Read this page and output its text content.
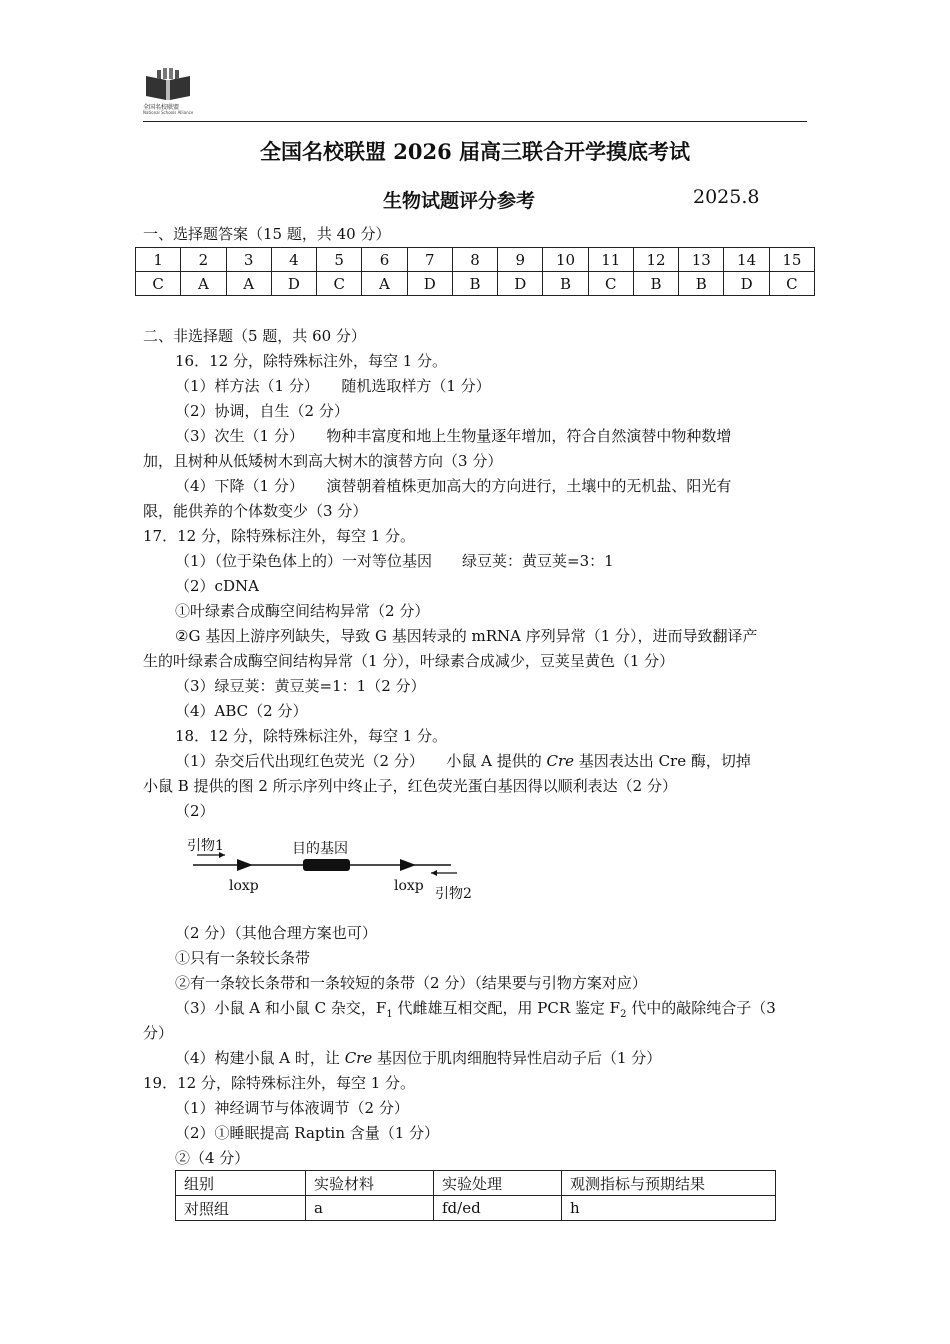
全国名校联盟
National Schools Alliance
全国名校联盟 2026 届高三联合开学摸底考试
生物试题评分参考	2025.8
一、选择题答案（15 题，共 40 分）
1	2	3	4	5	6	7	8	9	10	11	12	13	14	15
C	A	A	D	C	A	D	B	D	B	C	B	B	D	C
二、非选择题（5 题，共 60 分）
16．12 分，除特殊标注外，每空 1 分。
（1）样方法（1 分）　　随机选取样方（1 分）
（2）协调，自生（2 分）
（3）次生（1 分）　　物种丰富度和地上生物量逐年增加，符合自然演替中物种数增
加，且树种从低矮树木到高大树木的演替方向（3 分）
（4）下降（1 分）　　演替朝着植株更加高大的方向进行，土壤中的无机盐、阳光有
限，能供养的个体数变少（3 分）
17．12 分，除特殊标注外，每空 1 分。
（1）（位于染色体上的）一对等位基因　　绿豆荚：黄豆荚=3：1
（2）cDNA
①叶绿素合成酶空间结构异常（2 分）
②G 基因上游序列缺失，导致 G 基因转录的 mRNA 序列异常（1 分），进而导致翻译产
生的叶绿素合成酶空间结构异常（1 分），叶绿素合成减少，豆荚呈黄色（1 分）
（3）绿豆荚：黄豆荚=1：1（2 分）
（4）ABC（2 分）
18．12 分，除特殊标注外，每空 1 分。
（1）杂交后代出现红色荧光（2 分）　　小鼠 A 提供的 Cre 基因表达出 Cre 酶，切掉
小鼠 B 提供的图 2 所示序列中终止子，红色荧光蛋白基因得以顺利表达（2 分）
（2）
引物1	目的基因
loxp	loxp 引物2
（2 分）（其他合理方案也可）
①只有一条较长条带
②有一条较长条带和一条较短的条带（2 分）（结果要与引物方案对应）
（3）小鼠 A 和小鼠 C 杂交，$F_1$ 代雌雄互相交配，用 PCR 鉴定 $F_2$ 代中的敲除纯合子（3
分）
（4）构建小鼠 A 时，让 Cre 基因位于肌肉细胞特异性启动子后（1 分）
19．12 分，除特殊标注外，每空 1 分。
（1）神经调节与体液调节（2 分）
（2）①睡眠提高 Raptin 含量（1 分）
②（4 分）
组别	实验材料	实验处理	观测指标与预期结果
对照组	a	fd/ed	h
